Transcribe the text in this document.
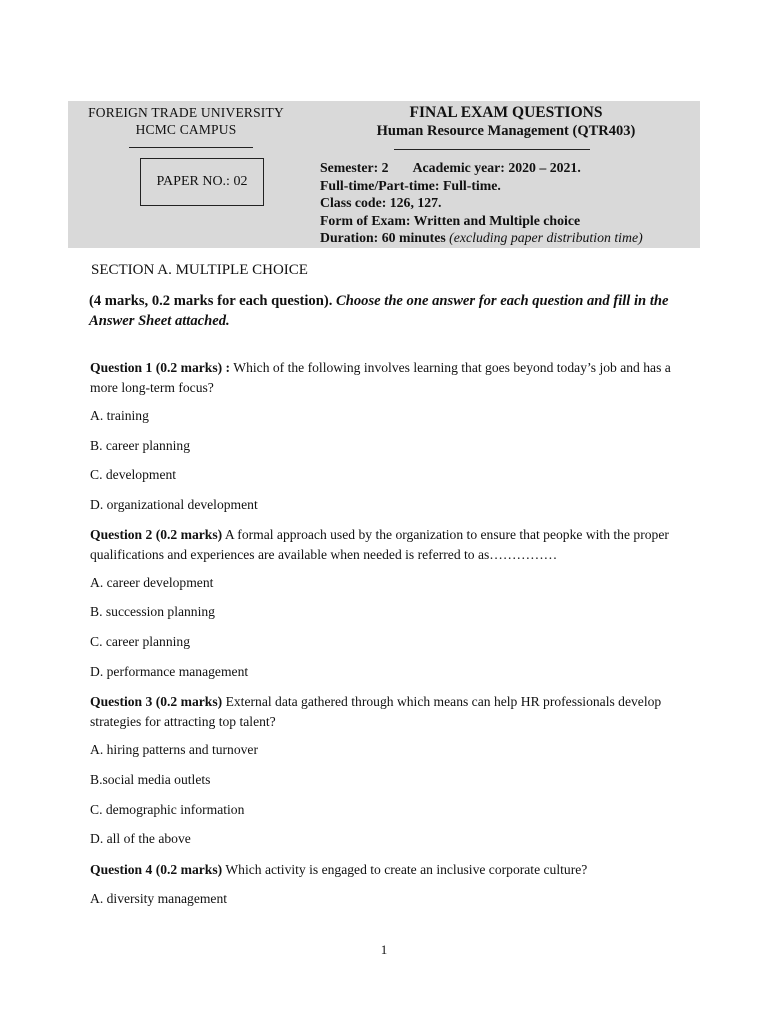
FOREIGN TRADE UNIVERSITY
HCMC CAMPUS
PAPER NO.: 02
FINAL EXAM QUESTIONS
Human Resource Management (QTR403)
Semester: 2 Academic year: 2020 – 2021.
Full-time/Part-time: Full-time.
Class code: 126, 127.
Form of Exam: Written and Multiple choice
Duration: 60 minutes (excluding paper distribution time)
SECTION A. MULTIPLE CHOICE
(4 marks, 0.2 marks for each question). Choose the one answer for each question and fill in the Answer Sheet attached.
Question 1 (0.2 marks) : Which of the following involves learning that goes beyond today’s job and has a more long-term focus?
A. training
B. career planning
C. development
D. organizational development
Question 2 (0.2 marks) A formal approach used by the organization to ensure that peopke with the proper qualifications and experiences are available when needed is referred to as……………
A. career development
B. succession planning
C. career planning
D. performance management
Question 3 (0.2 marks) External data gathered through which means can help HR professionals develop strategies for attracting top talent?
A. hiring patterns and turnover
B.social media outlets
C. demographic information
D. all of the above
Question 4 (0.2 marks) Which activity is engaged to create an inclusive corporate culture?
A. diversity management
1
